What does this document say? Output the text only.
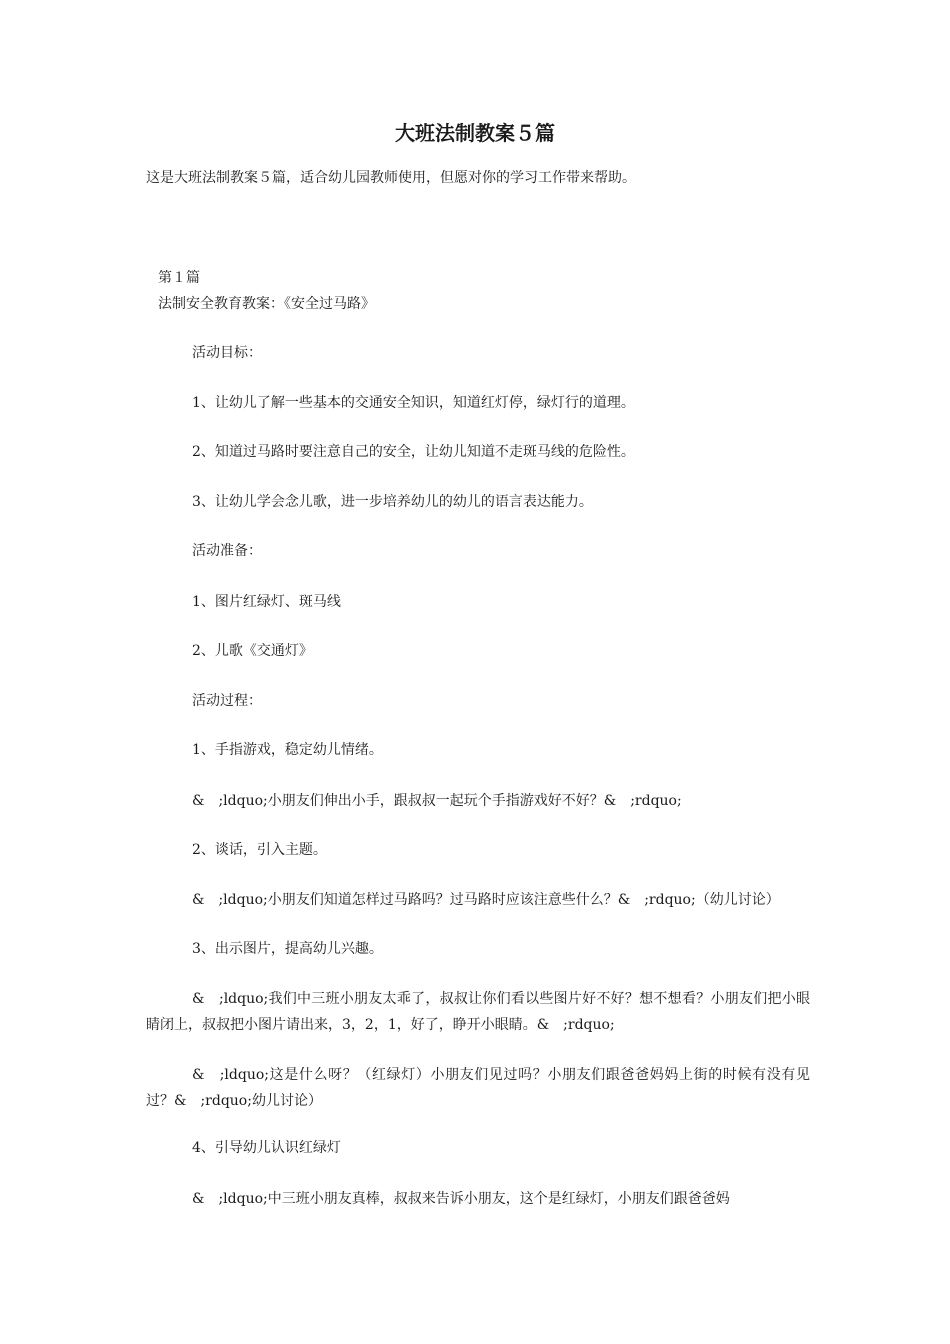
大班法制教案５篇

这是大班法制教案５篇，适合幼儿园教师使用，但愿对你的学习工作带来帮助。

第１篇

法制安全教育教案：《安全过马路》

活动目标：

1、让幼儿了解一些基本的交通安全知识，知道红灯停，绿灯行的道理。

2、知道过马路时要注意自己的安全，让幼儿知道不走斑马线的危险性。

3、让幼儿学会念儿歌，进一步培养幼儿的幼儿的语言表达能力。

活动准备：

1、图片红绿灯、斑马线

2、儿歌《交通灯》

活动过程：

1、手指游戏，稳定幼儿情绪。

&　;ldquo;小朋友们伸出小手，跟叔叔一起玩个手指游戏好不好？&　;rdquo;

2、谈话，引入主题。

&　;ldquo;小朋友们知道怎样过马路吗？过马路时应该注意些什么？&　;rdquo;（幼儿讨论）

3、出示图片，提高幼儿兴趣。

&　;ldquo;我们中三班小朋友太乖了，叔叔让你们看以些图片好不好？想不想看？小朋友们把小眼睛闭上，叔叔把小图片请出来，3，2，1，好了，睁开小眼睛。&　;rdquo;

&　;ldquo;这是什么呀？（红绿灯）小朋友们见过吗？小朋友们跟爸爸妈妈上街的时候有没有见过？&　;rdquo;幼儿讨论）

4、引导幼儿认识红绿灯

&　;ldquo;中三班小朋友真棒，叔叔来告诉小朋友，这个是红绿灯，小朋友们跟爸爸妈
